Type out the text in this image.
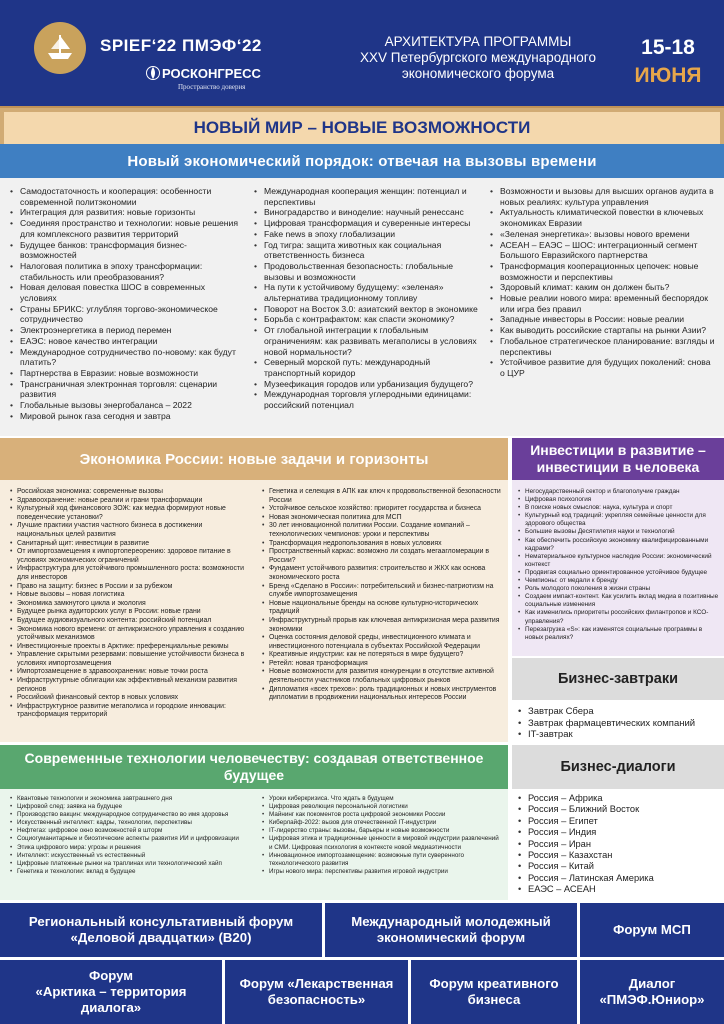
SPIEF‘22 ПМЭФ‘22
РОСКОНГРЕСС
Пространство доверия
АРХИТЕКТУРА ПРОГРАММЫ
XXV Петербургского международного
экономического форума
15-18
ИЮНЯ
НОВЫЙ МИР – НОВЫЕ ВОЗМОЖНОСТИ
Новый экономический порядок: отвечая на вызовы времени
• Самодостаточность и кооперация: особенности современной политэкономии
• Интеграция для развития: новые горизонты
• Соединяя пространство и технологии: новые решения для комплексного развития территорий
• Будущее банков: трансформация бизнес-возможностей
• Налоговая политика в эпоху трансформации: стабильность или преобразования?
• Новая деловая повестка ШОС в современных условиях
• Страны БРИКС: углубляя торгово-экономическое сотрудничество
• Электроэнергетика в период перемен
• ЕАЭС: новое качество интеграции
• Международное сотрудничество по-новому: как будут платить?
• Партнерства в Евразии: новые возможности
• Трансграничная электронная торговля: сценарии развития
• Глобальные вызовы энергобаланса – 2022
• Мировой рынок газа сегодня и завтра
• Международная кооперация женщин: потенциал и перспективы
• Виноградарство и виноделие: научный ренессанс
• Цифровая трансформация и суверенные интересы
• Fake news в эпоху глобализации
• Год тигра: защита животных как социальная ответственность бизнеса
• Продовольственная безопасность: глобальные вызовы и возможности
• На пути к устойчивому будущему: «зеленая» альтернатива традиционному топливу
• Поворот на Восток 3.0: азиатский вектор в экономике
• Борьба с контрафактом: как спасти экономику?
• От глобальной интеграции к глобальным ограничениям: как развивать мегаполисы в условиях новой нормальности?
• Северный морской путь: международный транспортный коридор
• Музеефикация городов или урбанизация будущего?
• Международная торговля углеродными единицами: российский потенциал
• Возможности и вызовы для высших органов аудита в новых реалиях: культура управления
• Актуальность климатической повестки в ключевых экономиках Евразии
• «Зеленая энергетика»: вызовы нового времени
• АСЕАН – ЕАЭС – ШОС: интеграционный сегмент Большого Евразийского партнерства
• Трансформация кооперационных цепочек: новые возможности и перспективы
• Здоровый климат: каким он должен быть?
• Новые реалии нового мира: временный беспорядок или игра без правил
• Западные инвесторы в России: новые реалии
• Как выводить российские стартапы на рынки Азии?
• Глобальное стратегическое планирование: взгляды и перспективы
• Устойчивое развитие для будущих поколений: снова о ЦУР
Экономика России: новые задачи и горизонты
• Российская экономика: современные вызовы
• Здравоохранение: новые реалии и грани трансформации
• Культурный ход финансового ЗОЖ: как медиа формируют новые поведенческие установки?
• Лучшие практики участия частного бизнеса в достижении национальных целей развития
• Санитарный щит: инвестиции в развитие
• От импортозамещения к импортопереорению: здоровое питание в условиях экономических ограничений
• Инфраструктура для устойчивого промышленного роста: возможности для инвесторов
• Право на защиту: бизнес в России и за рубежом
• Новые вызовы – новая логистика
• Экономика замкнутого цикла и экология
• Будущее рынка аудиторских услуг в России: новые грани
• Будущее аудиовизуального контента: российский потенциал
• Экономика нового времени: от антикризисного управления к созданию устойчивых механизмов
• Инвестиционные проекты в Арктике: преференциальные режимы
• Управление скрытыми резервами: повышение устойчивости бизнеса в условиях импортозамещения
• Импортозамещение в здравоохранении: новые точки роста
• Инфраструктурные облигации как эффективный механизм развития регионов
• Российский финансовый сектор в новых условиях
• Инфраструктурное развитие мегаполиса и городские инновации: трансформация территорий
• Генетика и селекция в АПК как ключ к продовольственной безопасности России
• Устойчивое сельское хозяйство: приоритет государства и бизнеса
• Новая экономическая политика для МСП
• 30 лет инновационной политики России. Создание компаний – технологических чемпионов: уроки и перспективы
• Трансформация недропользования в новых условиях
• Пространственный каркас: возможно ли создать мегаагломерации в России?
• Фундамент устойчивого развития: строительство и ЖКХ как основа экономического роста
• Бренд «Сделано в России»: потребительский и бизнес-патриотизм на службе импортозамещения
• Новые национальные бренды на основе культурно-исторических традиций
• Инфраструктурный прорыв как ключевая антикризисная мера развития экономики
• Оценка состояния деловой среды, инвестиционного климата и инвестиционного потенциала в субъектах Российской Федерации
• Креативные индустрии: как не потеряться в мире будущего?
• Ретейл: новая трансформация
• Новые возможности для развития конкуренции в отсутствие активной деятельности участников глобальных цифровых рынков
• Дипломатия «всех трехов»: роль традиционных и новых инструментов дипломатии в продвижении национальных интересов России
Инвестиции в развитие –
инвестиции в человека
• Негосударственный сектор и благополучие граждан
• Цифровая психология
• В поиске новых смыслов: наука, культура и спорт
• Культурный код традиций: укрепляя семейные ценности для здорового общества
• Большие вызовы Десятилетия науки и технологий
• Как обеспечить российскую экономику квалифицированными кадрами?
• Нематериальное культурное наследие России: экономический контекст
• Продвигая социально ориентированное устойчивое будущее
• Чемпионы: от медали к бренду
• Роль молодого поколения в жизни страны
• Создаем импакт-контент. Как усилить вклад медиа в позитивные социальные изменения
• Как изменились приоритеты российских филантропов и КСО-управления?
• Перезагрузка «S»: как изменятся социальные программы в новых реалиях?
Бизнес-завтраки
• Завтрак Сбера
• Завтрак фармацевтических компаний
• IT-завтрак
Современные технологии человечеству: создавая ответственное
будущее
• Квантовые технологии и экономика завтрашнего дня
• Цифровой след: заявка на будущее
• Производство вакцин: международное сотрудничество во имя здоровья
• Искусственный интеллект: кадры, технологии, перспективы
• Нефтегаз: цифровое окно возможностей в шторм
• Социогуманитарные и биоэтические аспекты развития ИИ и цифровизации
• Этика цифрового мира: угрозы и решения
• Интеллект: искусственный vs естественный
• Цифровые платежные рынки на траплинах или технологический хайп
• Генетика и технологии: вклад в будущее
• Уроки киберкризиса. Что ждать в будущем
• Цифровая революция персональной логистики
• Майнинг как покоментов роста цифровой экономики России
• Киберлайф-2022: вызов для отечественной IT-индустрии
• IT-лидерство страны: вызовы, барьеры и новые возможности
• Цифровая этика и традиционные ценности в мировой индустрии развлечений и СМИ. Цифровая психология в контексте новой медиаэтичности
• Инновационное импортозамещение: возможные пути суверенного технологического развития
• Игры нового мира: перспективы развития игровой индустрии
Бизнес-диалоги
• Россия – Африка
• Россия – Ближний Восток
• Россия – Египет
• Россия – Индия
• Россия – Иран
• Россия – Казахстан
• Россия – Китай
• Россия – Латинская Америка
• ЕАЭС – АСЕАН
Региональный консультативный форум
«Деловой двадцатки» (B20)
Международный молодежный
экономический форум
Форум МСП
Форум
«Арктика – территория
диалога»
Форум «Лекарственная
безопасность»
Форум креативного
бизнеса
Диалог
«ПМЭФ.Юниор»
